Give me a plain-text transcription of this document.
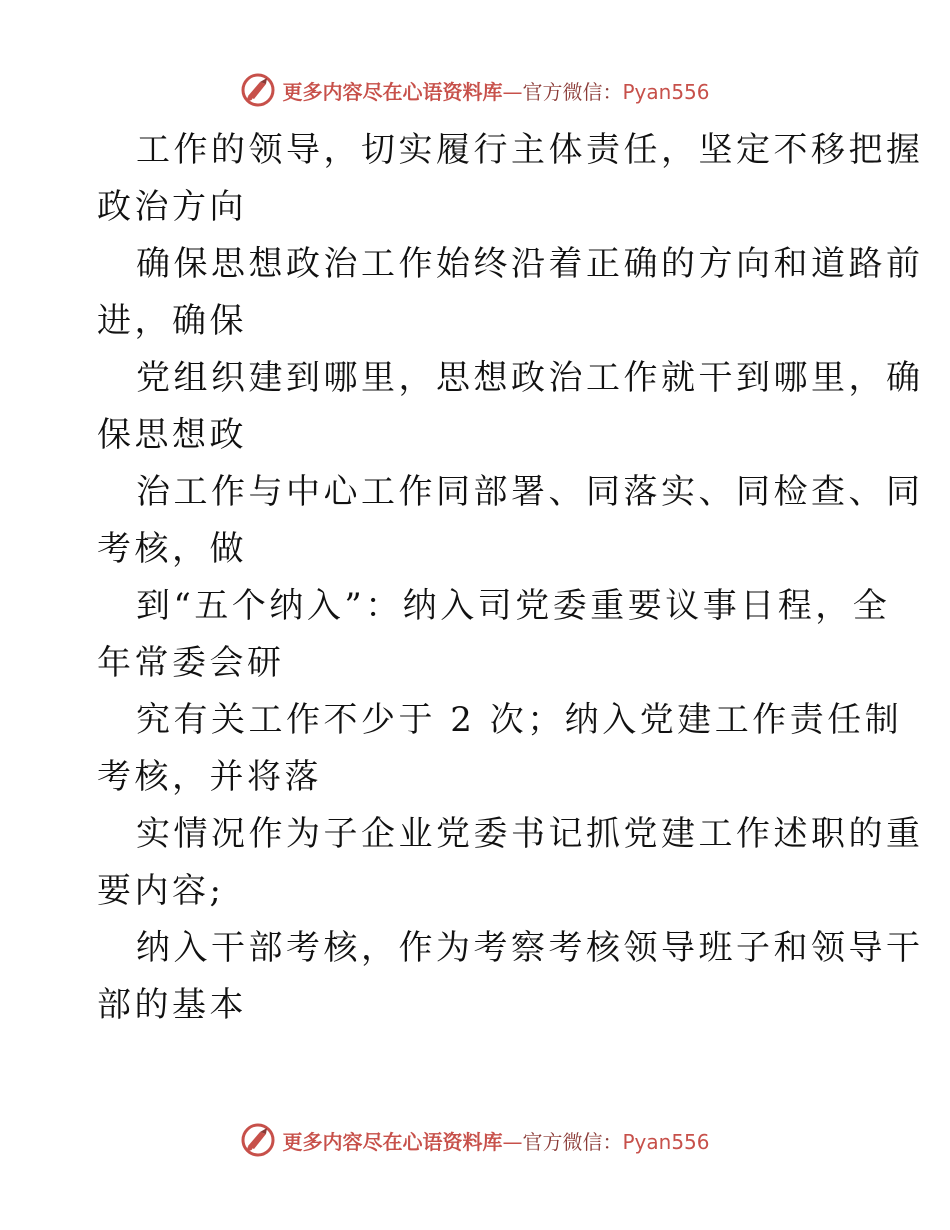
更多内容尽在心语资料库—官方微信：Pyan556

工作的领导，切实履行主体责任，坚定不移把握
政治方向

确保思想政治工作始终沿着正确的方向和道路前
进，确保

党组织建到哪里，思想政治工作就干到哪里，确
保思想政

治工作与中心工作同部署、同落实、同检查、同
考核，做

到“五个纳入”：纳入司党委重要议事日程，全
年常委会研

究有关工作不少于 2 次；纳入党建工作责任制
考核，并将落

实情况作为子企业党委书记抓党建工作述职的重
要内容;

纳入干部考核，作为考察考核领导班子和领导干
部的基本

更多内容尽在心语资料库—官方微信：Pyan556
